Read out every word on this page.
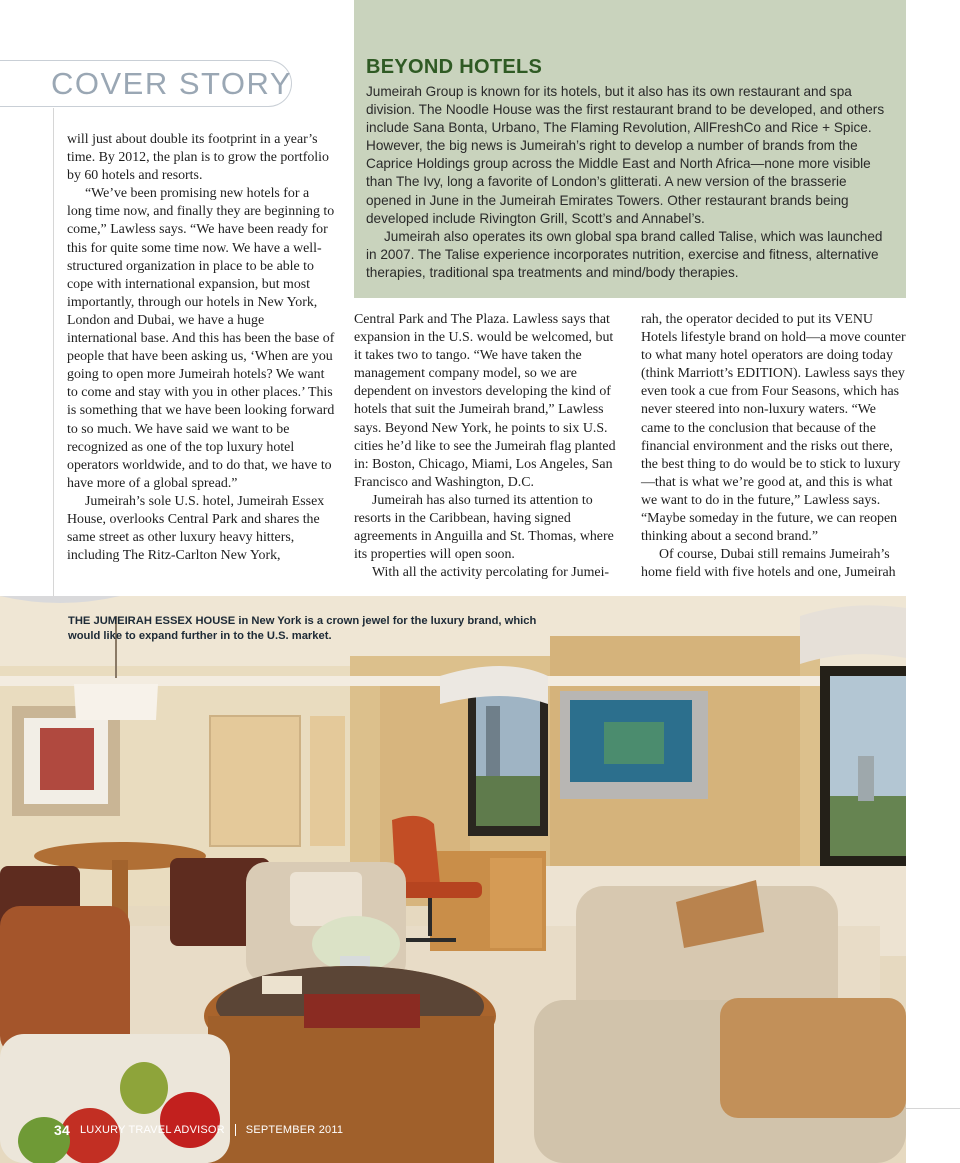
COVER STORY	BEYOND HOTELS

Jumeirah Group is known for its hotels, but it also has its own restaurant and spa division. The Noodle House was the first restaurant brand to be developed, and others include Sana Bonta, Urbano, The Flaming Revolution, AllFreshCo and Rice + Spice. However, the big news is Jumeirah’s right to develop a number of brands from the Caprice Holdings group across the Middle East and North Africa—none more visible than The Ivy, long a favorite of London’s glitterati. A new version of the brasserie opened in June in the Jumeirah Emirates Towers. Other restaurant brands being developed include Rivington Grill, Scott’s and Annabel’s.

Jumeirah also operates its own global spa brand called Talise, which was launched in 2007. The Talise experience incorporates nutrition, exercise and fitness, alternative therapies, traditional spa treatments and mind/body therapies.

will just about double its footprint in a year’s time. By 2012, the plan is to grow the portfolio by 60 hotels and resorts.

“We’ve been promising new hotels for a long time now, and finally they are beginning to come,” Lawless says. “We have been ready for this for quite some time now. We have a well-structured organization in place to be able to cope with international expansion, but most importantly, through our hotels in New York, London and Dubai, we have a huge international base. And this has been the base of people that have been asking us, ‘When are you going to open more Jumeirah hotels? We want to come and stay with you in other places.’ This is something that we have been looking forward to so much. We have said we want to be recognized as one of the top luxury hotel operators worldwide, and to do that, we have to have more of a global spread.”

Jumeirah’s sole U.S. hotel, Jumeirah Essex House, overlooks Central Park and shares the same street as other luxury heavy hitters, including The Ritz-Carlton New York,

Central Park and The Plaza. Lawless says that expansion in the U.S. would be welcomed, but it takes two to tango. “We have taken the management company model, so we are dependent on investors developing the kind of hotels that suit the Jumeirah brand,” Lawless says. Beyond New York, he points to six U.S. cities he’d like to see the Jumeirah flag planted in: Boston, Chicago, Miami, Los Angeles, San Francisco and Washington, D.C.

Jumeirah has also turned its attention to resorts in the Caribbean, having signed agreements in Anguilla and St. Thomas, where its properties will open soon.

With all the activity percolating for Jumei-

rah, the operator decided to put its VENU Hotels lifestyle brand on hold—a move counter to what many hotel operators are doing today (think Marriott’s EDITION). Lawless says they even took a cue from Four Seasons, which has never steered into non-luxury waters. “We came to the conclusion that because of the financial environment and the risks out there, the best thing to do would be to stick to luxury—that is what we’re good at, and this is what we want to do in the future,” Lawless says. “Maybe someday in the future, we can reopen thinking about a second brand.”

Of course, Dubai still remains Jumeirah’s home field with five hotels and one, Jumeirah

THE JUMEIRAH ESSEX HOUSE in New York is a crown jewel for the luxury brand, which would like to expand further in to the U.S. market.
34 LUXURY TRAVEL ADVISOR SEPTEMBER 2011
